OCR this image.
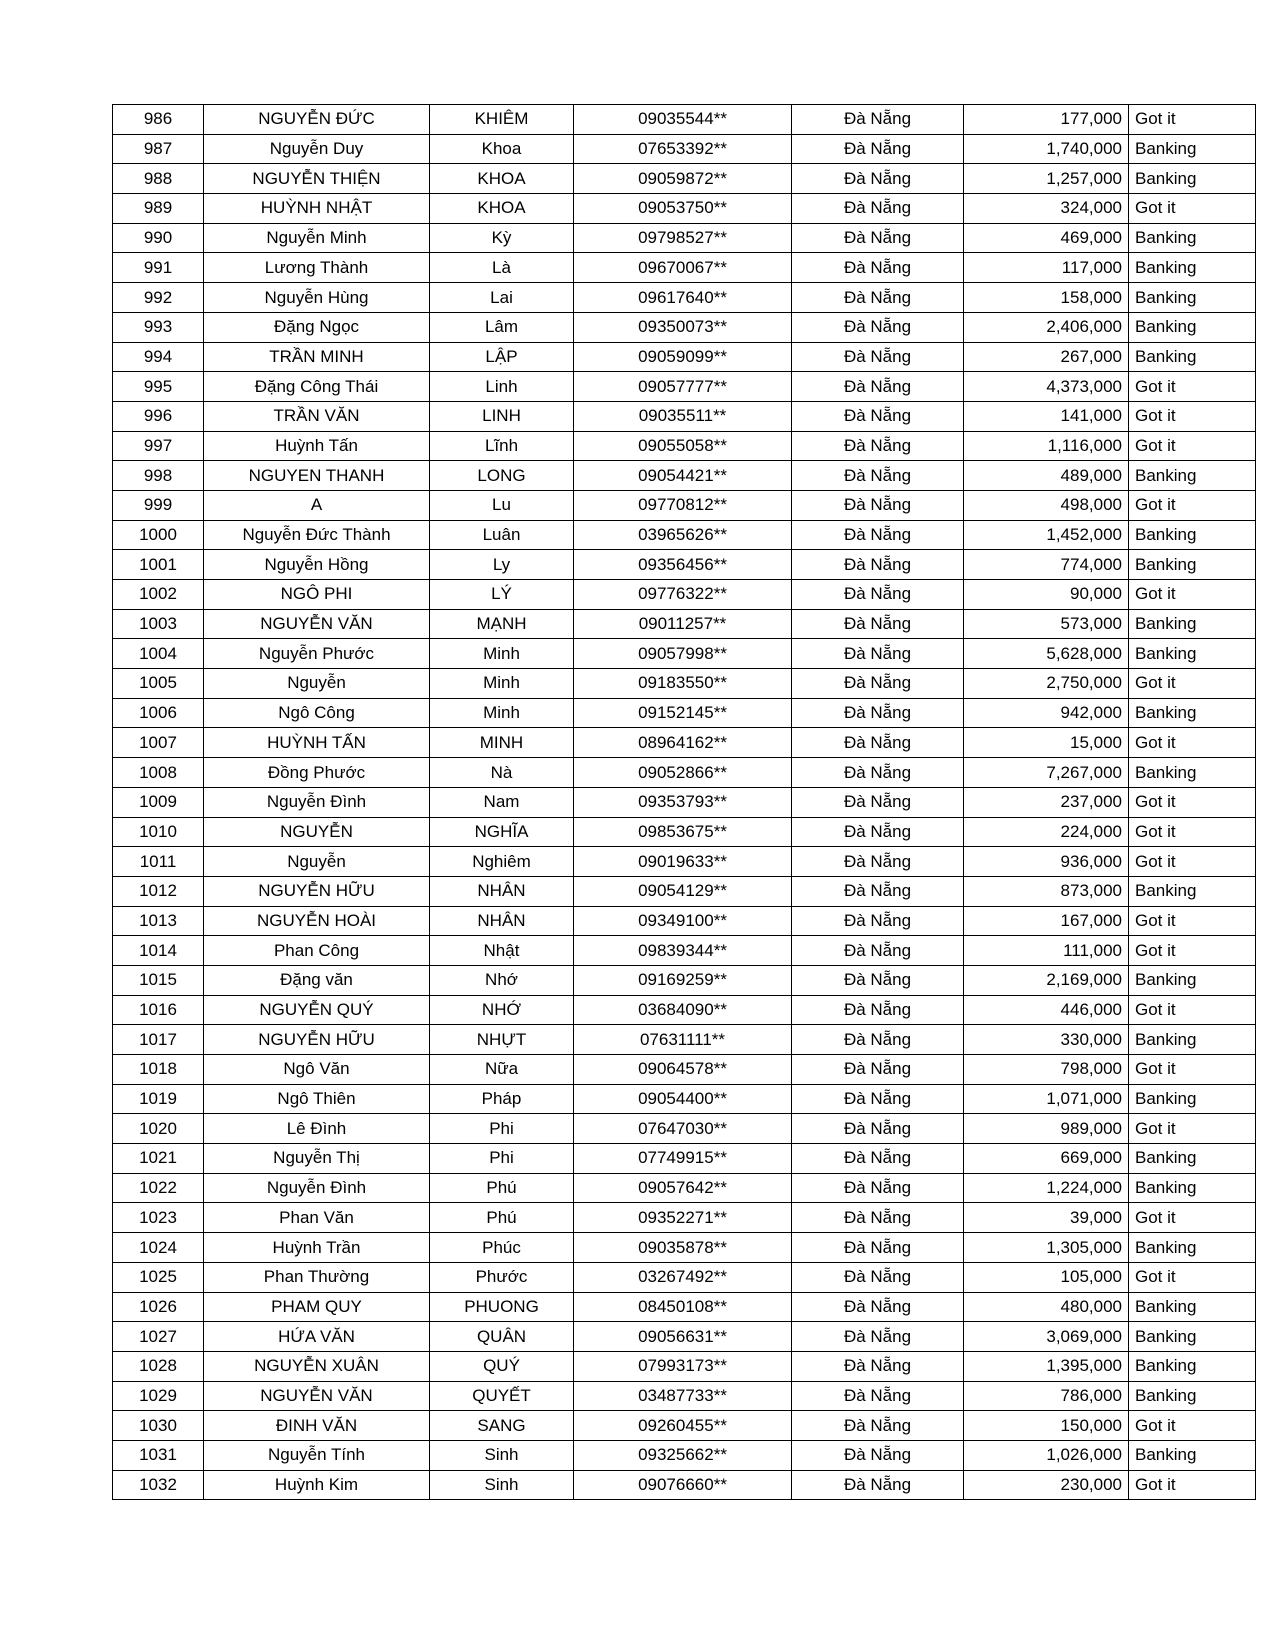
986	NGUYỄN ĐỨC	KHIÊM	09035544**	Đà Nẵng	177,000	Got it
987	Nguyễn Duy	Khoa	07653392**	Đà Nẵng	1,740,000	Banking
988	NGUYỄN THIỆN	KHOA	09059872**	Đà Nẵng	1,257,000	Banking
989	HUỲNH NHẬT	KHOA	09053750**	Đà Nẵng	324,000	Got it
990	Nguyễn Minh	Kỳ	09798527**	Đà Nẵng	469,000	Banking
991	Lương Thành	Là	09670067**	Đà Nẵng	117,000	Banking
992	Nguyễn Hùng	Lai	09617640**	Đà Nẵng	158,000	Banking
993	Đặng Ngọc	Lâm	09350073**	Đà Nẵng	2,406,000	Banking
994	TRẦN MINH	LẬP	09059099**	Đà Nẵng	267,000	Banking
995	Đặng Công Thái	Linh	09057777**	Đà Nẵng	4,373,000	Got it
996	TRẦN VĂN	LINH	09035511**	Đà Nẵng	141,000	Got it
997	Huỳnh Tấn	Lĩnh	09055058**	Đà Nẵng	1,116,000	Got it
998	NGUYEN THANH	LONG	09054421**	Đà Nẵng	489,000	Banking
999	A	Lu	09770812**	Đà Nẵng	498,000	Got it
1000	Nguyễn Đức Thành	Luân	03965626**	Đà Nẵng	1,452,000	Banking
1001	Nguyễn Hồng	Ly	09356456**	Đà Nẵng	774,000	Banking
1002	NGÔ PHI	LÝ	09776322**	Đà Nẵng	90,000	Got it
1003	NGUYỄN VĂN	MẠNH	09011257**	Đà Nẵng	573,000	Banking
1004	Nguyễn Phước	Minh	09057998**	Đà Nẵng	5,628,000	Banking
1005	Nguyễn	Minh	09183550**	Đà Nẵng	2,750,000	Got it
1006	Ngô Công	Minh	09152145**	Đà Nẵng	942,000	Banking
1007	HUỲNH TẤN	MINH	08964162**	Đà Nẵng	15,000	Got it
1008	Đồng Phước	Nà	09052866**	Đà Nẵng	7,267,000	Banking
1009	Nguyễn Đình	Nam	09353793**	Đà Nẵng	237,000	Got it
1010	NGUYỄN	NGHĨA	09853675**	Đà Nẵng	224,000	Got it
1011	Nguyễn	Nghiêm	09019633**	Đà Nẵng	936,000	Got it
1012	NGUYỄN HỮU	NHÂN	09054129**	Đà Nẵng	873,000	Banking
1013	NGUYỄN HOÀI	NHÂN	09349100**	Đà Nẵng	167,000	Got it
1014	Phan Công	Nhật	09839344**	Đà Nẵng	111,000	Got it
1015	Đặng văn	Nhớ	09169259**	Đà Nẵng	2,169,000	Banking
1016	NGUYỄN QUÝ	NHỚ	03684090**	Đà Nẵng	446,000	Got it
1017	NGUYỄN HỮU	NHỰT	07631111**	Đà Nẵng	330,000	Banking
1018	Ngô Văn	Nữa	09064578**	Đà Nẵng	798,000	Got it
1019	Ngô Thiên	Pháp	09054400**	Đà Nẵng	1,071,000	Banking
1020	Lê Đình	Phi	07647030**	Đà Nẵng	989,000	Got it
1021	Nguyễn Thị	Phi	07749915**	Đà Nẵng	669,000	Banking
1022	Nguyễn Đình	Phú	09057642**	Đà Nẵng	1,224,000	Banking
1023	Phan Văn	Phú	09352271**	Đà Nẵng	39,000	Got it
1024	Huỳnh Trần	Phúc	09035878**	Đà Nẵng	1,305,000	Banking
1025	Phan Thường	Phước	03267492**	Đà Nẵng	105,000	Got it
1026	PHAM QUY	PHUONG	08450108**	Đà Nẵng	480,000	Banking
1027	HỨA VĂN	QUÂN	09056631**	Đà Nẵng	3,069,000	Banking
1028	NGUYỄN XUÂN	QUÝ	07993173**	Đà Nẵng	1,395,000	Banking
1029	NGUYỄN VĂN	QUYẾT	03487733**	Đà Nẵng	786,000	Banking
1030	ĐINH VĂN	SANG	09260455**	Đà Nẵng	150,000	Got it
1031	Nguyễn Tính	Sinh	09325662**	Đà Nẵng	1,026,000	Banking
1032	Huỳnh Kim	Sinh	09076660**	Đà Nẵng	230,000	Got it
